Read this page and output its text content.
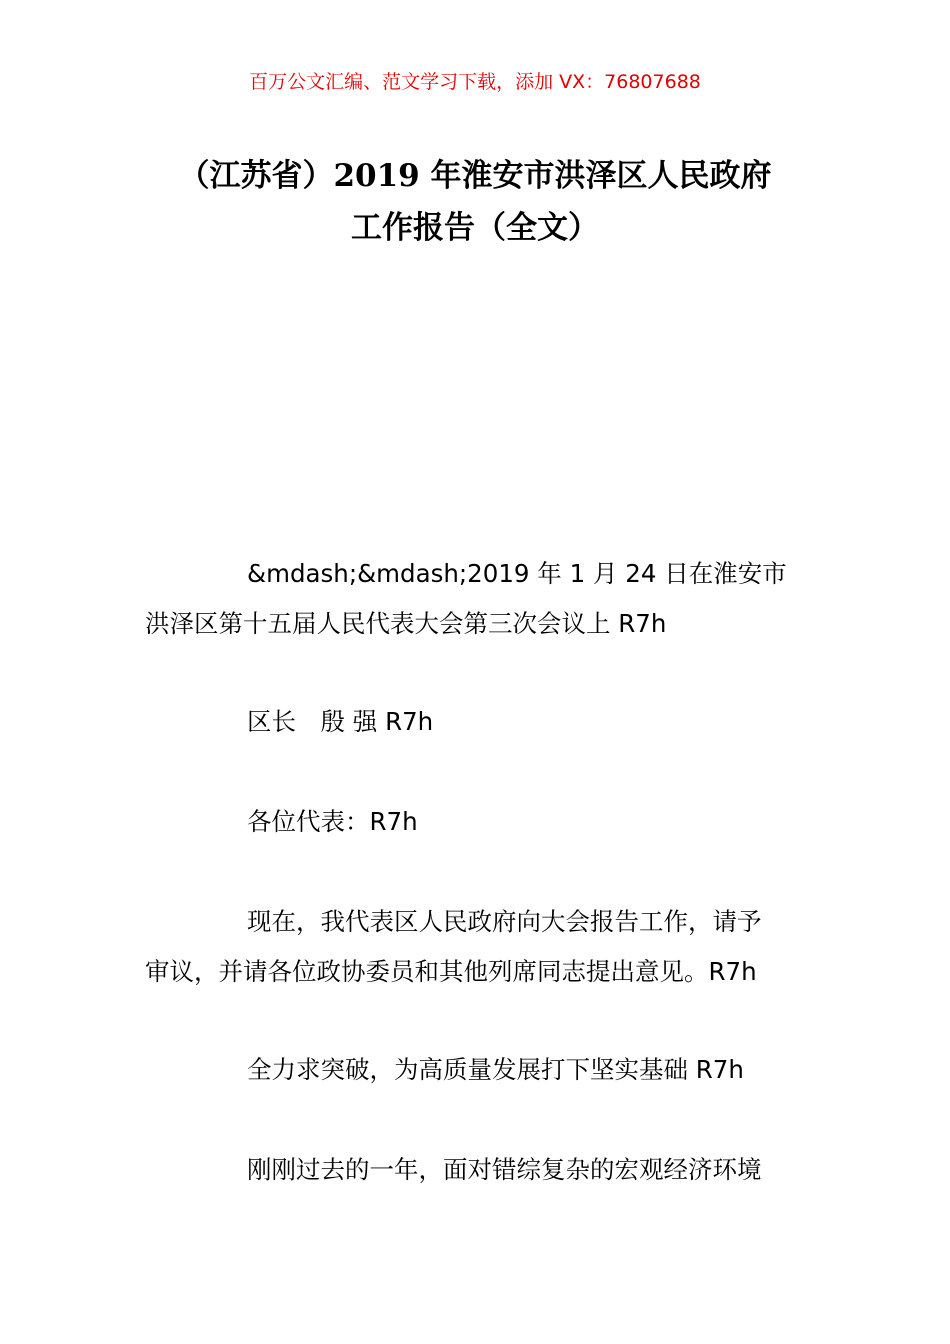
百万公文汇编、范文学习下载，添加 VX：76807688
（江苏省）2019 年淮安市洪泽区人民政府
工作报告（全文）
&mdash;&mdash;2019 年 1 月 24 日在淮安市
洪泽区第十五届人民代表大会第三次会议上 R7h
区长　殷 强 R7h
各位代表：R7h
现在，我代表区人民政府向大会报告工作，请予
审议，并请各位政协委员和其他列席同志提出意见。R7h
全力求突破，为高质量发展打下坚实基础 R7h
刚刚过去的一年，面对错综复杂的宏观经济环境
